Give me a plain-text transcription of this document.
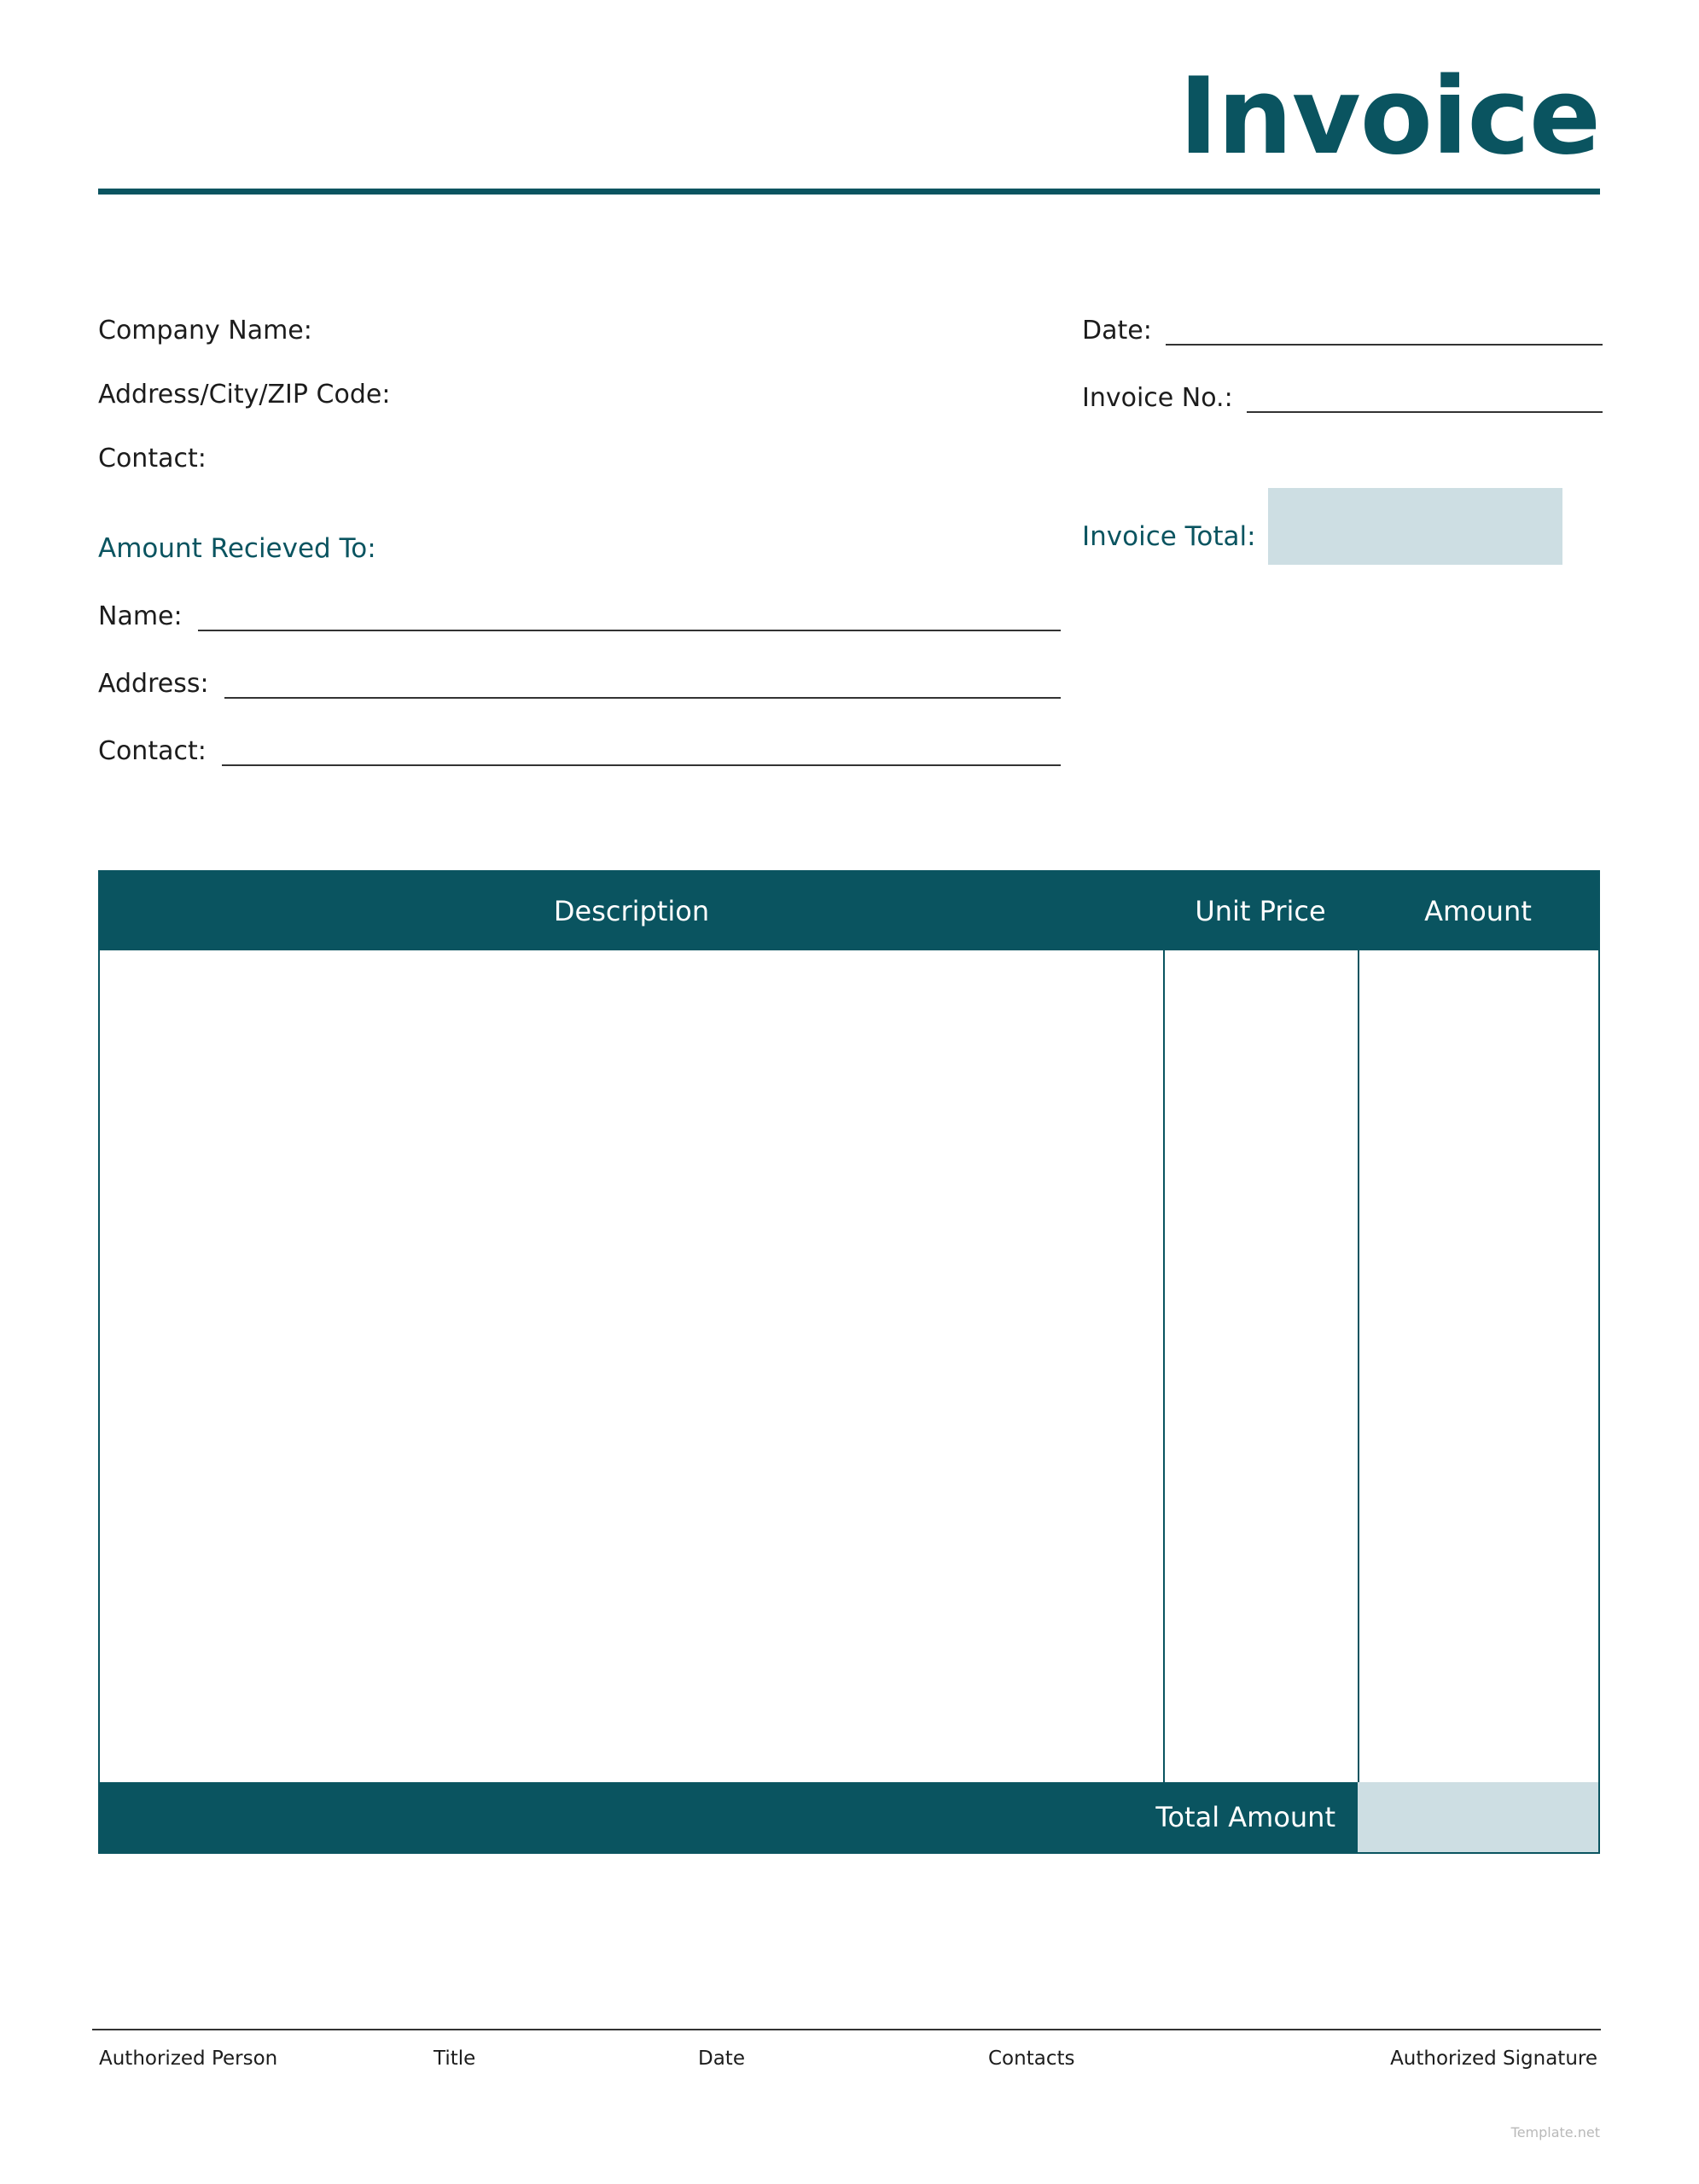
Invoice
Company Name:
Address/City/ZIP Code:
Contact:
Amount Recieved To:
Name:
Address:
Contact:
Date:
Invoice No.:
Invoice Total:
Description	Unit Price	Amount
Total Amount
Authorized Person	Title	Date	Contacts	Authorized Signature
Template.net
